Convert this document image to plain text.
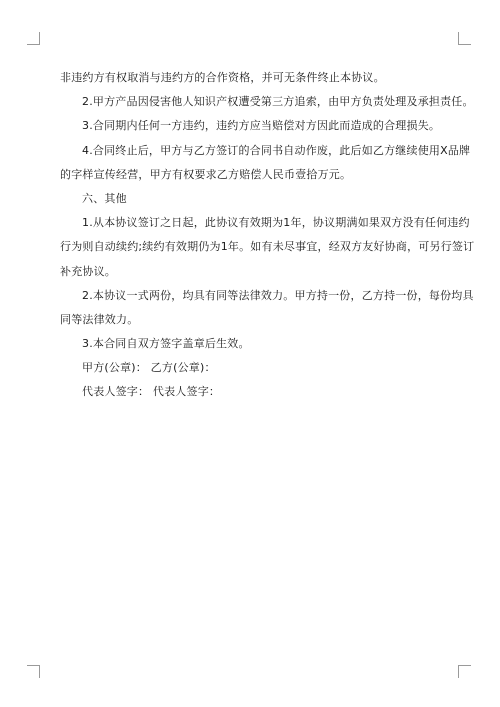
非违约方有权取消与违约方的合作资格，并可无条件终止本协议。
2.甲方产品因侵害他人知识产权遭受第三方追索，由甲方负责处理及承担责任。
3.合同期内任何一方违约，违约方应当赔偿对方因此而造成的合理损失。
4.合同终止后，甲方与乙方签订的合同书自动作废，此后如乙方继续使用X品牌
的字样宣传经营，甲方有权要求乙方赔偿人民币壹拾万元。
六、其他
1.从本协议签订之日起，此协议有效期为1年，协议期满如果双方没有任何违约
行为则自动续约;续约有效期仍为1年。如有未尽事宜，经双方友好协商，可另行签订
补充协议。
2.本协议一式两份，均具有同等法律效力。甲方持一份，乙方持一份，每份均具
同等法律效力。
3.本合同自双方签字盖章后生效。
甲方(公章)： 乙方(公章)：
代表人签字： 代表人签字：
